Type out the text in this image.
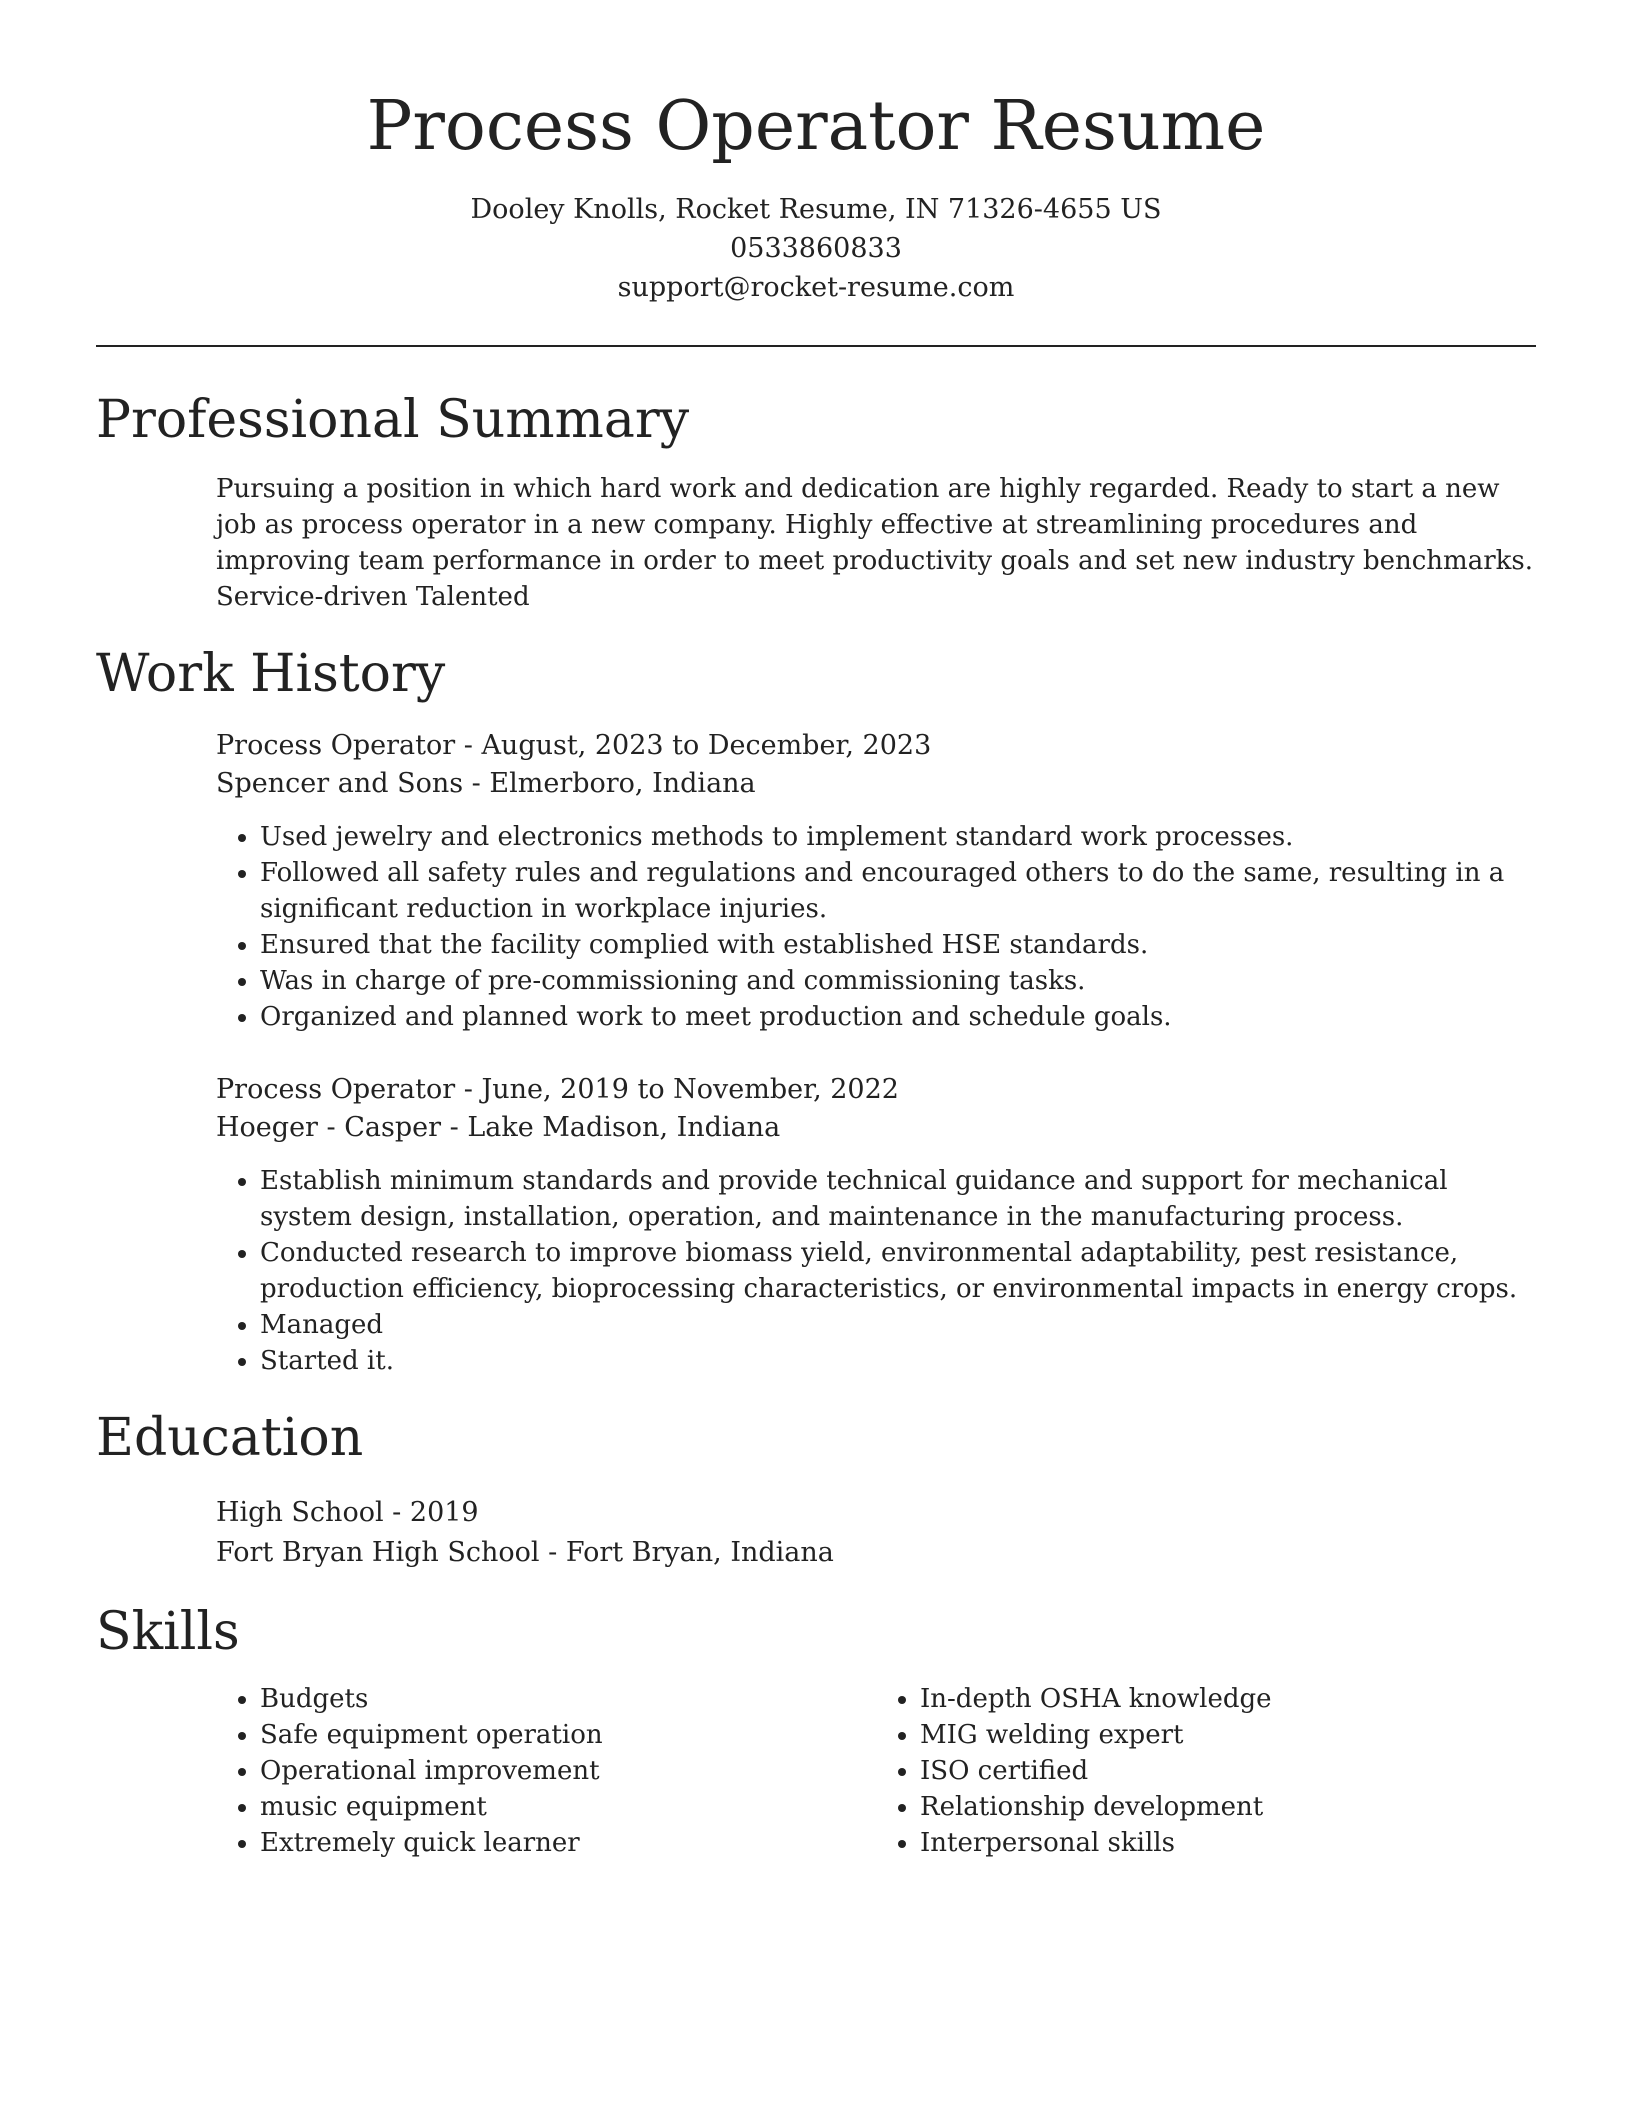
Process Operator Resume
Dooley Knolls, Rocket Resume, IN 71326-4655 US
0533860833
support@rocket-resume.com
Professional Summary
Pursuing a position in which hard work and dedication are highly regarded. Ready to start a new job as process operator in a new company. Highly effective at streamlining procedures and improving team performance in order to meet productivity goals and set new industry benchmarks. Service-driven Talented
Work History
Process Operator - August, 2023 to December, 2023
Spencer and Sons - Elmerboro, Indiana
• Used jewelry and electronics methods to implement standard work processes.
• Followed all safety rules and regulations and encouraged others to do the same, resulting in a significant reduction in workplace injuries.
• Ensured that the facility complied with established HSE standards.
• Was in charge of pre-commissioning and commissioning tasks.
• Organized and planned work to meet production and schedule goals.
Process Operator - June, 2019 to November, 2022
Hoeger - Casper - Lake Madison, Indiana
• Establish minimum standards and provide technical guidance and support for mechanical system design, installation, operation, and maintenance in the manufacturing process.
• Conducted research to improve biomass yield, environmental adaptability, pest resistance, production efficiency, bioprocessing characteristics, or environmental impacts in energy crops.
• Managed
• Started it.
Education
High School - 2019
Fort Bryan High School - Fort Bryan, Indiana
Skills
• Budgets
• Safe equipment operation
• Operational improvement
• music equipment
• Extremely quick learner
• In-depth OSHA knowledge
• MIG welding expert
• ISO certified
• Relationship development
• Interpersonal skills
